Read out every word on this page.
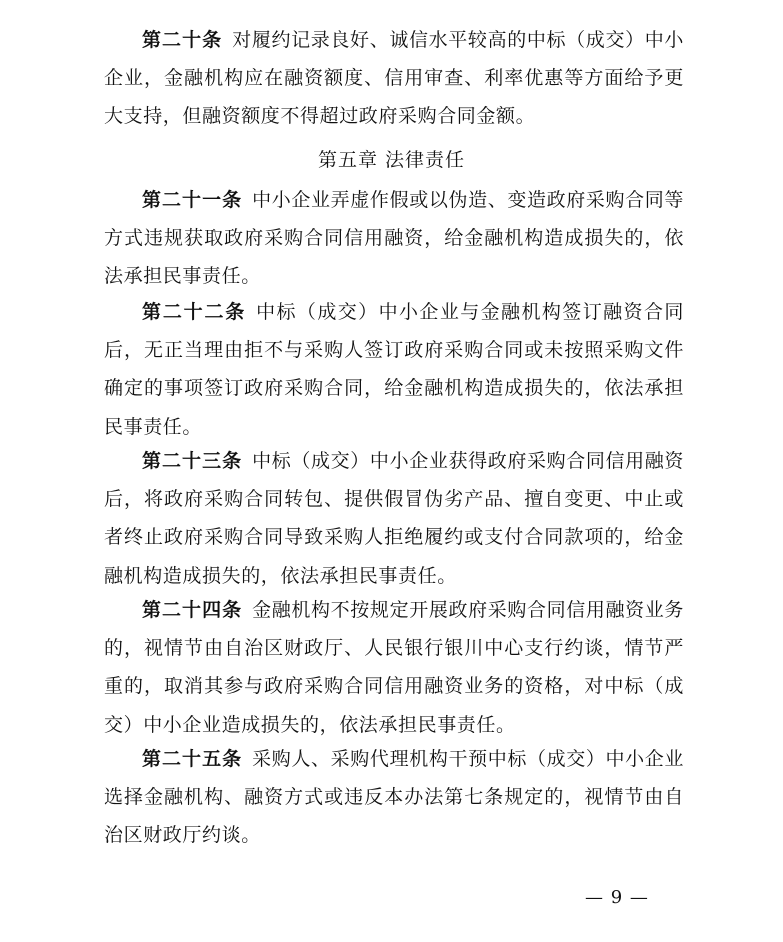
第二十条 对履约记录良好、诚信水平较高的中标（成交）中小企业，金融机构应在融资额度、信用审查、利率优惠等方面给予更大支持，但融资额度不得超过政府采购合同金额。

第五章 法律责任

第二十一条 中小企业弄虚作假或以伪造、变造政府采购合同等方式违规获取政府采购合同信用融资，给金融机构造成损失的，依法承担民事责任。

第二十二条 中标（成交）中小企业与金融机构签订融资合同后，无正当理由拒不与采购人签订政府采购合同或未按照采购文件确定的事项签订政府采购合同，给金融机构造成损失的，依法承担民事责任。

第二十三条 中标（成交）中小企业获得政府采购合同信用融资后，将政府采购合同转包、提供假冒伪劣产品、擅自变更、中止或者终止政府采购合同导致采购人拒绝履约或支付合同款项的，给金融机构造成损失的，依法承担民事责任。

第二十四条 金融机构不按规定开展政府采购合同信用融资业务的，视情节由自治区财政厅、人民银行银川中心支行约谈，情节严重的，取消其参与政府采购合同信用融资业务的资格，对中标（成交）中小企业造成损失的，依法承担民事责任。

第二十五条 采购人、采购代理机构干预中标（成交）中小企业选择金融机构、融资方式或违反本办法第七条规定的，视情节由自治区财政厅约谈。

— 9 —
